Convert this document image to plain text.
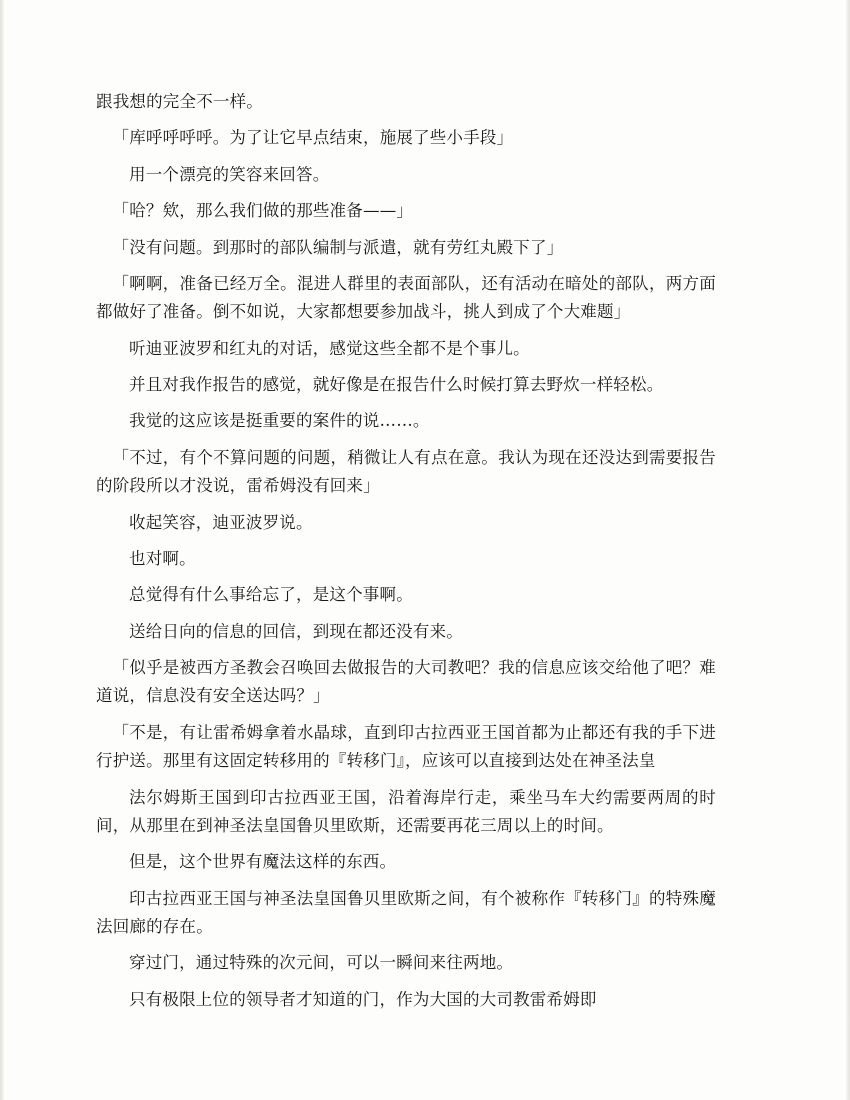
跟我想的完全不一样。

「库呼呼呼呼。为了让它早点结束，施展了些小手段」

用一个漂亮的笑容来回答。

「哈？欸，那么我们做的那些准备——」

「没有问题。到那时的部队编制与派遣，就有劳红丸殿下了」

「啊啊，准备已经万全。混进人群里的表面部队，还有活动在暗处的部队，两方面都做好了准备。倒不如说，大家都想要参加战斗，挑人到成了个大难题」

听迪亚波罗和红丸的对话，感觉这些全都不是个事儿。

并且对我作报告的感觉，就好像是在报告什么时候打算去野炊一样轻松。

我觉的这应该是挺重要的案件的说……。

「不过，有个不算问题的问题，稍微让人有点在意。我认为现在还没达到需要报告的阶段所以才没说，雷希姆没有回来」

收起笑容，迪亚波罗说。

也对啊。

总觉得有什么事给忘了，是这个事啊。

送给日向的信息的回信，到现在都还没有来。

「似乎是被西方圣教会召唤回去做报告的大司教吧？我的信息应该交给他了吧？难道说，信息没有安全送达吗？」

「不是，有让雷希姆拿着水晶球，直到印古拉西亚王国首都为止都还有我的手下进行护送。那里有这固定转移用的『转移门』，应该可以直接到达处在神圣法皇

法尔姆斯王国到印古拉西亚王国，沿着海岸行走，乘坐马车大约需要两周的时间，从那里在到神圣法皇国鲁贝里欧斯，还需要再花三周以上的时间。

但是，这个世界有魔法这样的东西。

印古拉西亚王国与神圣法皇国鲁贝里欧斯之间，有个被称作『转移门』的特殊魔法回廊的存在。

穿过门，通过特殊的次元间，可以一瞬间来往两地。

只有极限上位的领导者才知道的门，作为大国的大司教雷希姆即
